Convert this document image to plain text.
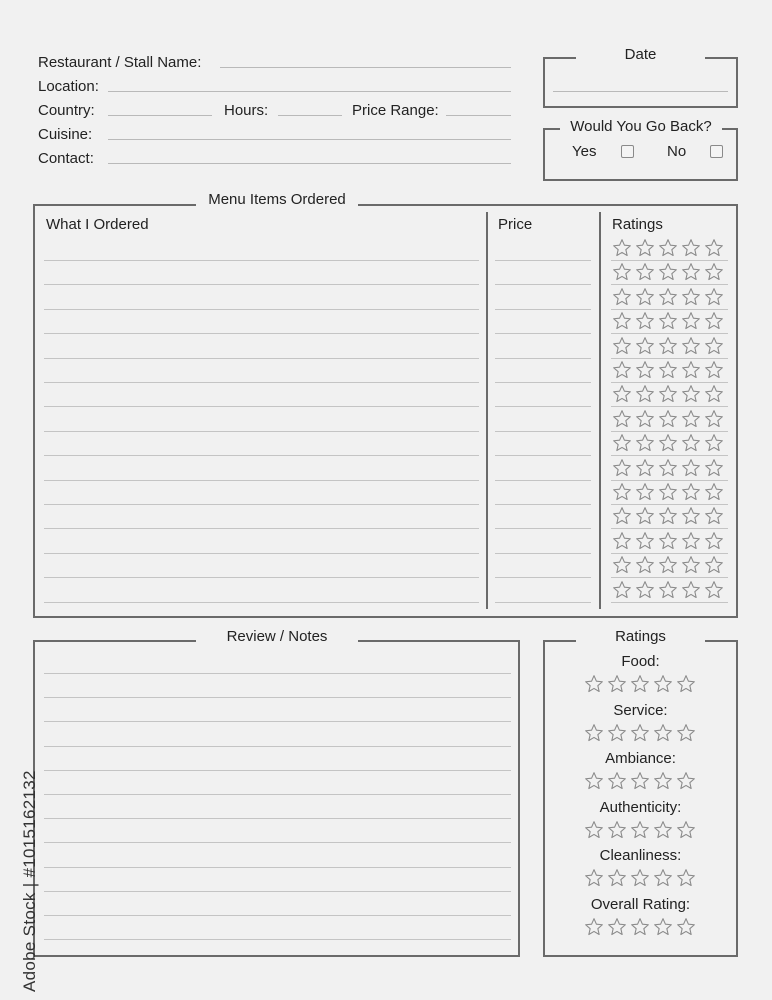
Restaurant / Stall Name:
Location:
Country:	Hours:	Price Range:
Cuisine:
Contact:
Date
Would You Go Back?
Yes	No
Menu Items Ordered
What I Ordered	Price	Ratings
Review / Notes	Ratings
Food:
Service:
Ambiance:
Authenticity:
Cleanliness:
Overall Rating:
Adobe Stock | #1015162132
